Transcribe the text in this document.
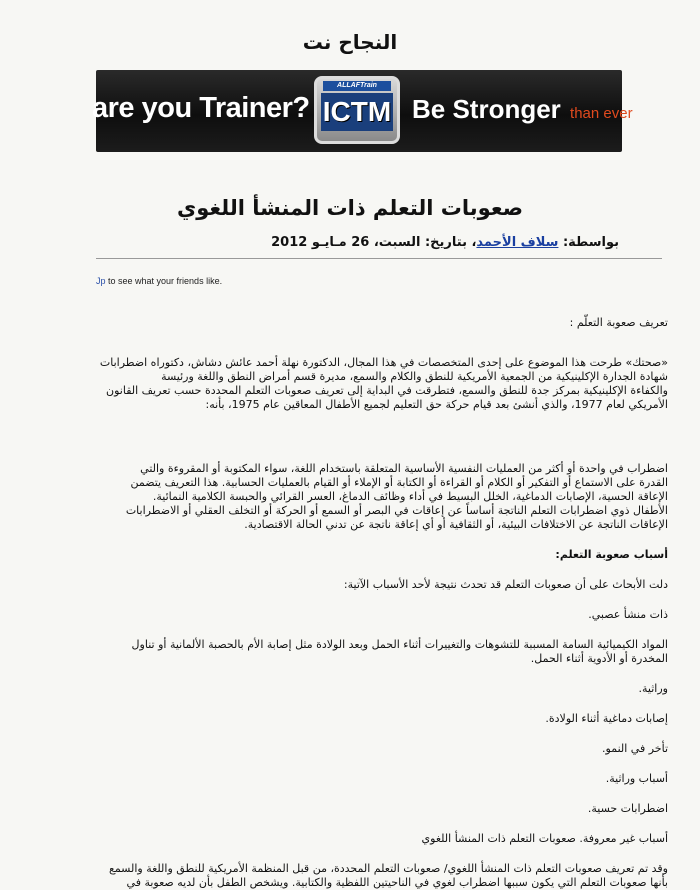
النجاح نت
are you Trainer?
ALLAFTrain
ICTM Be Stronger than ever
صعوبات التعلم ذات المنشأ اللغوي
بواسطة: سلاف الأحمد، بتاريخ: السبت، 26 مـايـو 2012
Jp to see what your friends like.

تعريف صعوبة التعلّم :

«صحتك» طرحت هذا الموضوع على إحدى المتخصصات في هذا المجال، الدكتورة نهلة أحمد عائش دشاش، دكتوراه اضطرابات

شهادة الجدارة الإكلينيكية من الجمعية الأمريكية للنطق والكلام والسمع، مديرة قسم أمراض النطق واللغة ورئيسة

والكفاءة الإكلينيكية بمركز جدة للنطق والسمع، فتطرقت في البداية إلى تعريف صعوبات التعلم المحددة حسب تعريف القانون

الأمريكي لعام 1977، والذي أنشئ بعد قيام حركة حق التعليم لجميع الأطفال المعاقين عام 1975، بأنه:

اضطراب في واحدة أو أكثر من العمليات النفسية الأساسية المتعلقة باستخدام اللغة، سواء المكتوبة أو المقروءة والتي

القدرة على الاستماع أو التفكير أو الكلام أو القراءة أو الكتابة أو الإملاء أو القيام بالعمليات الحسابية. هذا التعريف يتضمن

الإعاقة الحسية، الإصابات الدماغية، الخلل البسيط في أداء وظائف الدماغ، العسر القرائي والحبسة الكلامية النمائية.

الأطفال ذوي اضطرابات التعلم الناتجة أساساً عن إعاقات في البصر أو السمع أو الحركة أو التخلف العقلي أو الاضطرابات

الإعاقات الناتجة عن الاختلافات البيئية، أو الثقافية أو أي إعاقة ناتجة عن تدني الحالة الاقتصادية.

أسباب صعوبة التعلم:

دلت الأبحاث على أن صعوبات التعلم قد تحدث نتيجة لأحد الأسباب الآتية:

ذات منشأ عصبي.

المواد الكيميائية السامة المسببة للتشوهات والتغييرات أثناء الحمل وبعد الولادة مثل إصابة الأم بالحصبة الألمانية أو تناول

المخدرة أو الأدوية أثناء الحمل.

وراثية.

إصابات دماغية أثناء الولادة.

تأخر في النمو.

أسباب وراثية.

اضطرابات حسية.

أسباب غير معروفة. صعوبات التعلم ذات المنشأ اللغوي

وقد تم تعريف صعوبات التعلم ذات المنشأ اللغوي/ صعوبات التعلم المحددة، من قبل المنظمة الأمريكية للنطق واللغة والسمع

بأنها صعوبات التعلم التي يكون سببها اضطراب لغوي في الناحيتين اللفظية والكتابية. ويشخص الطفل بأن لديه صعوبة في
